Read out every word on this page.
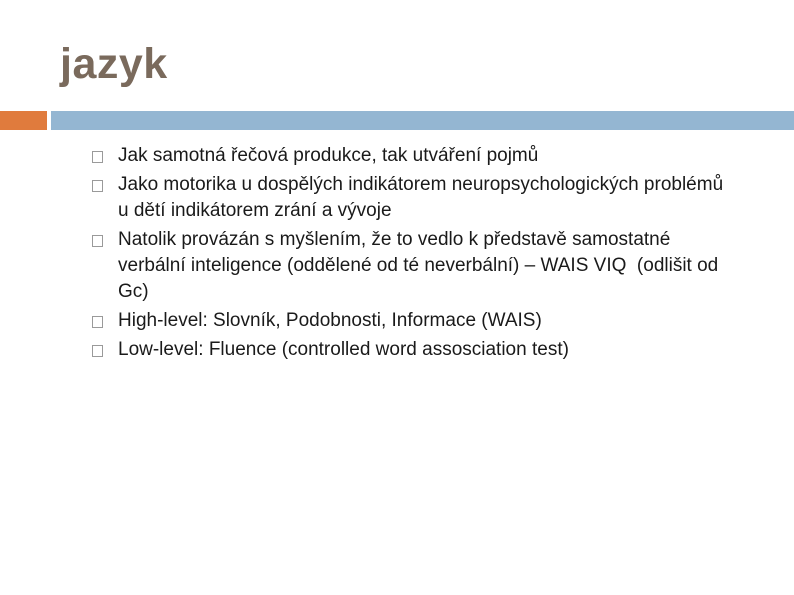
jazyk
Jak samotná řečová produkce, tak utváření pojmů
Jako motorika u dospělých indikátorem neuropsychologických problémů u dětí indikátorem zrání a vývoje
Natolik provázán s myšlením, že to vedlo k představě samostatné verbální inteligence (oddělené od té neverbální) – WAIS VIQ  (odlišit od Gc)
High-level: Slovník, Podobnosti, Informace (WAIS)
Low-level: Fluence (controlled word assosciation test)
